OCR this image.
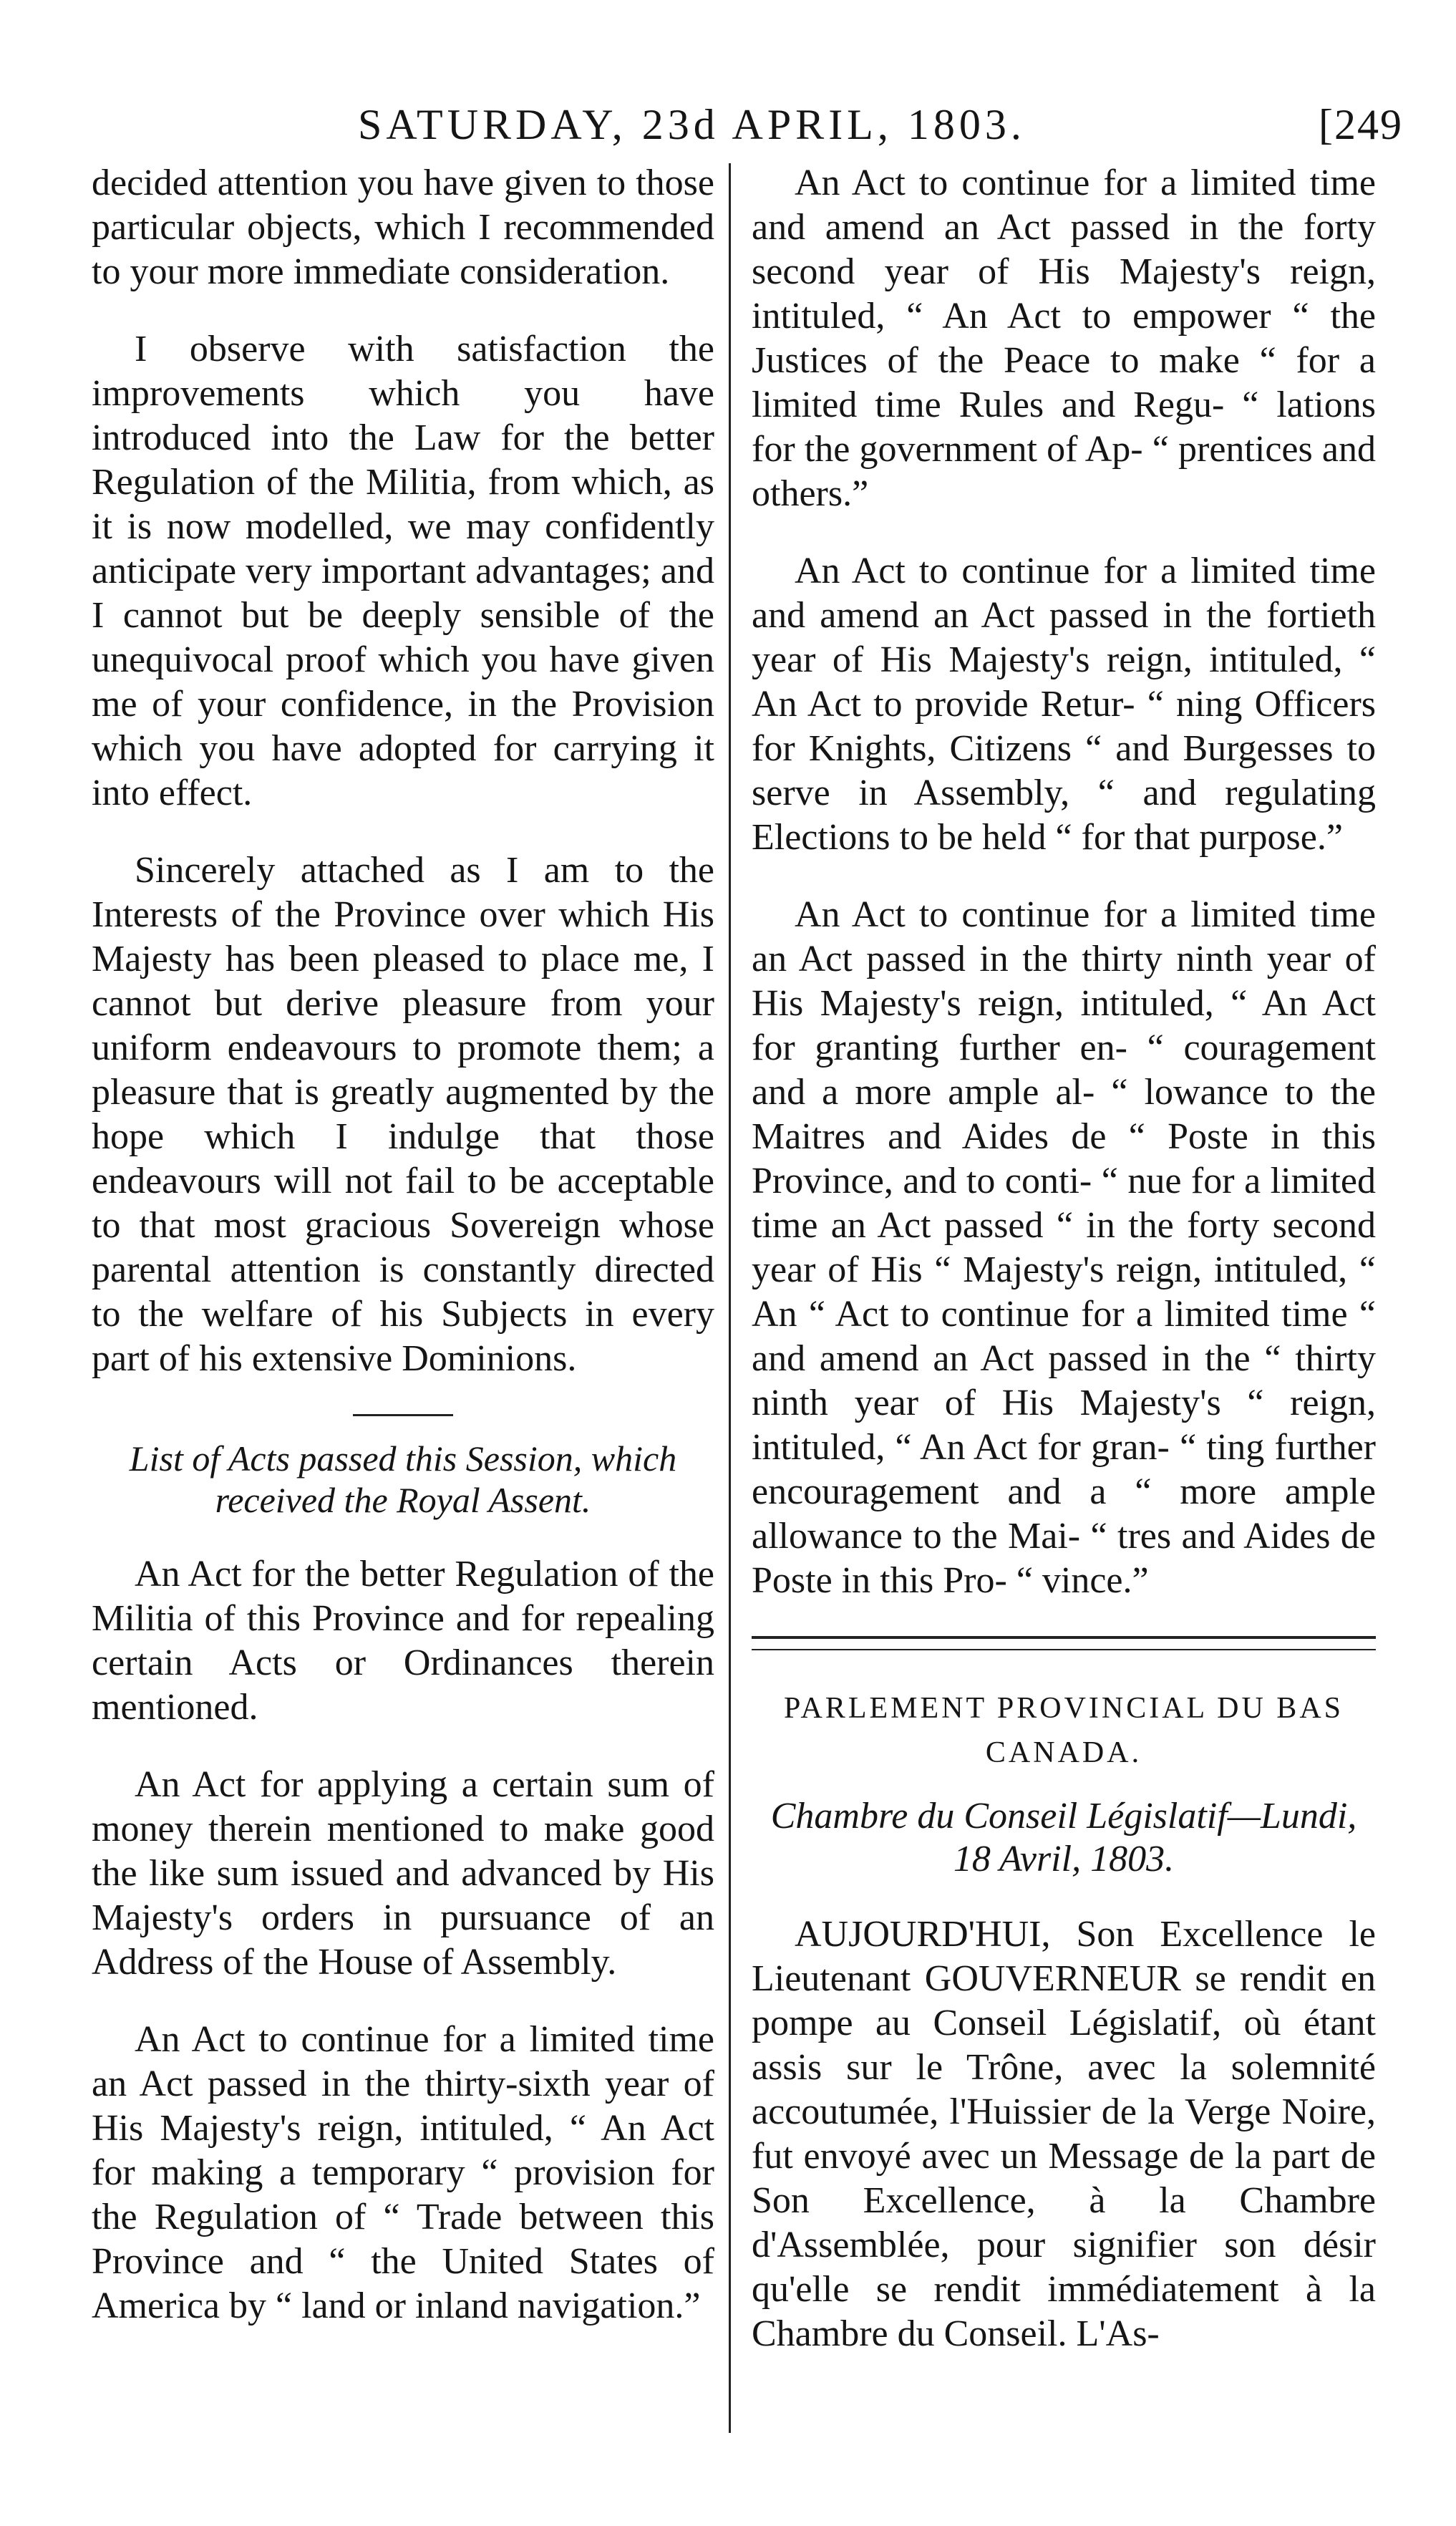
SATURDAY, 23d APRIL, 1803.	[249

decided attention you have given to those particular objects, which I recommended to your more immediate consideration.

I observe with satisfaction the improvements which you have introduced into the Law for the better Regulation of the Militia, from which, as it is now modelled, we may confidently anticipate very important advantages; and I cannot but be deeply sensible of the unequivocal proof which you have given me of your confidence, in the Provision which you have adopted for carrying it into effect.

Sincerely attached as I am to the Interests of the Province over which His Majesty has been pleased to place me, I cannot but derive pleasure from your uniform endeavours to promote them; a pleasure that is greatly augmented by the hope which I indulge that those endeavours will not fail to be acceptable to that most gracious Sovereign whose parental attention is constantly directed to the welfare of his Subjects in every part of his extensive Dominions.

List of Acts passed this Session, which received the Royal Assent.

An Act for the better Regulation of the Militia of this Province and for repealing certain Acts or Ordinances therein mentioned.

An Act for applying a certain sum of money therein mentioned to make good the like sum issued and advanced by His Majesty's orders in pursuance of an Address of the House of Assembly.

An Act to continue for a limited time an Act passed in the thirty-sixth year of His Majesty's reign, intituled, “ An Act for making a temporary “ provision for the Regulation of “ Trade between this Province and “ the United States of America by “ land or inland navigation.”

An Act to continue for a limited time and amend an Act passed in the forty second year of His Majesty's reign, intituled, “ An Act to empower “ the Justices of the Peace to make “ for a limited time Rules and Regu- “ lations for the government of Ap- “ prentices and others.”

An Act to continue for a limited time and amend an Act passed in the fortieth year of His Majesty's reign, intituled, “ An Act to provide Retur- “ ning Officers for Knights, Citizens “ and Burgesses to serve in Assembly, “ and regulating Elections to be held “ for that purpose.”

An Act to continue for a limited time an Act passed in the thirty ninth year of His Majesty's reign, intituled, “ An Act for granting further en- “ couragement and a more ample al- “ lowance to the Maitres and Aides de “ Poste in this Province, and to conti- “ nue for a limited time an Act passed “ in the forty second year of His “ Majesty's reign, intituled, “ An “ Act to continue for a limited time “ and amend an Act passed in the “ thirty ninth year of His Majesty's “ reign, intituled, “ An Act for gran- “ ting further encouragement and a “ more ample allowance to the Mai- “ tres and Aides de Poste in this Pro- “ vince.”

PARLEMENT PROVINCIAL DU BAS CANADA.
Chambre du Conseil Législatif—Lundi, 18 Avril, 1803.

AUJOURD'HUI, Son Excellence le Lieutenant GOUVERNEUR se rendit en pompe au Conseil Législatif, où étant assis sur le Trône, avec la solemnité accoutumée, l'Huissier de la Verge Noire, fut envoyé avec un Message de la part de Son Excellence, à la Chambre d'Assemblée, pour signifier son désir qu'elle se rendit immédiatement à la Chambre du Conseil. L'As-
